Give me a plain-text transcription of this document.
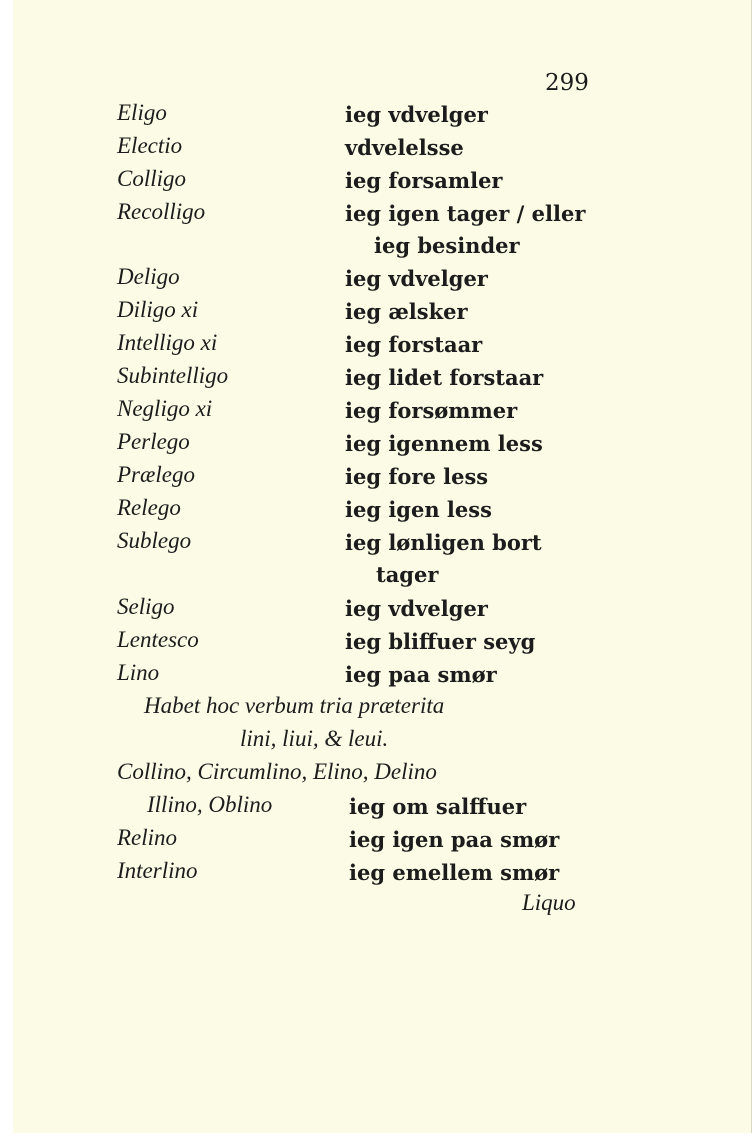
299
Eligo	ieg vdvelger
Electio	vdvelelsse
Colligo	ieg forsamler
Recolligo	ieg igen tager / eller
ieg besinder
Deligo	ieg vdvelger
Diligo xi	ieg ælsker
Intelligo xi	ieg forstaar
Subintelligo	ieg lidet forstaar
Negligo xi	ieg forsømmer
Perlego	ieg igennem less
Prælego	ieg fore less
Relego	ieg igen less
Sublego	ieg lønligen bort
tager
Seligo	ieg vdvelger
Lentesco	ieg bliffuer seyg
Lino	ieg paa smør
Habet hoc verbum tria præterita
lini, liui, & leui.
Collino, Circumlino, Elino, Delino
Illino, Oblino	ieg om salffuer
Relino	ieg igen paa smør
Interlino	ieg emellem smør
Liquo
